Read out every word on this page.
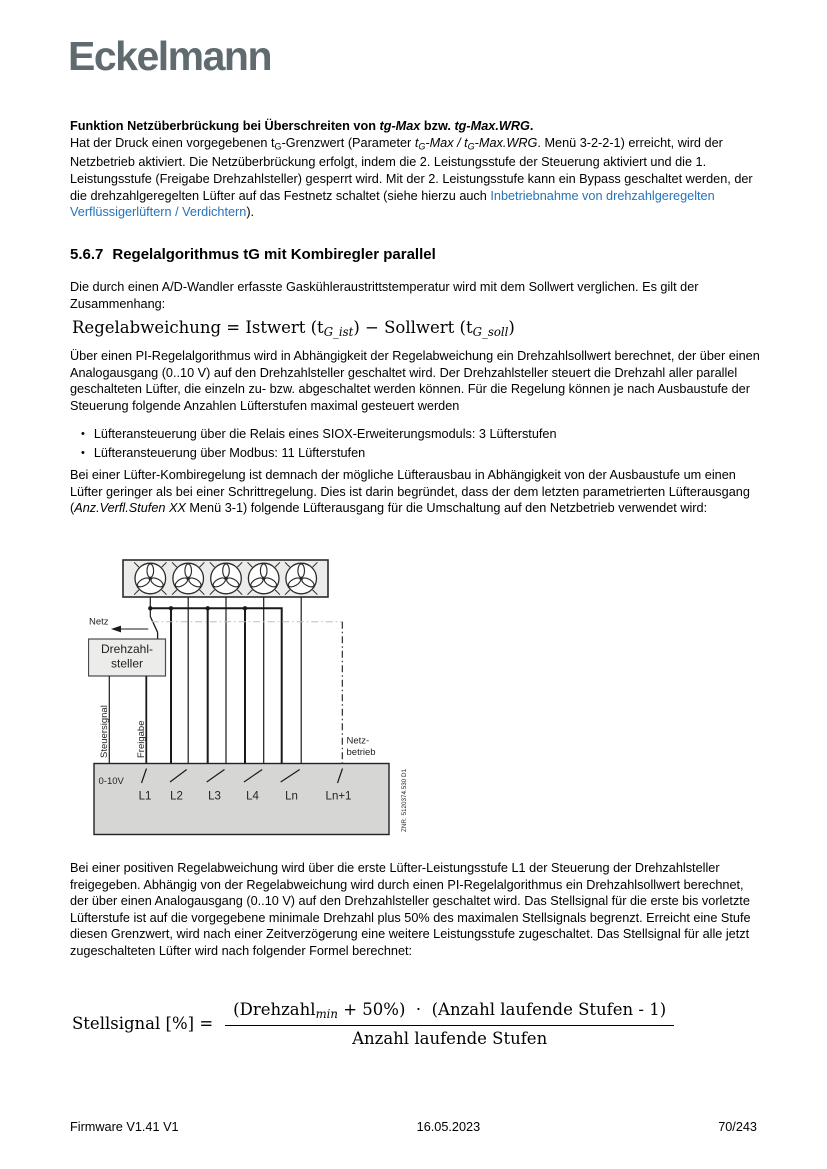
Eckelmann
Funktion Netzüberbrückung bei Überschreiten von tg-Max bzw. tg-Max.WRG.
Hat der Druck einen vorgegebenen tG-Grenzwert (Parameter tG-Max / tG-Max.WRG. Menü 3-2-2-1) erreicht, wird der Netzbetrieb aktiviert. Die Netzüberbrückung erfolgt, indem die 2. Leistungsstufe der Steuerung aktiviert und die 1. Leistungsstufe (Freigabe Drehzahlsteller) gesperrt wird. Mit der 2. Leistungsstufe kann ein Bypass geschaltet werden, der die drehzahlgeregelten Lüfter auf das Festnetz schaltet (siehe hierzu auch Inbetriebnahme von drehzahlgeregelten Verflüssigerlüftern / Verdichtern).
5.6.7 Regelalgorithmus tG mit Kombiregler parallel
Die durch einen A/D-Wandler erfasste Gaskühleraustrittstemperatur wird mit dem Sollwert verglichen. Es gilt der Zusammenhang:
Regelabweichung = Istwert (tG_ist) − Sollwert (tG_soll)
Über einen PI-Regelalgorithmus wird in Abhängigkeit der Regelabweichung ein Drehzahlsollwert berechnet, der über einen Analogausgang (0..10 V) auf den Drehzahlsteller geschaltet wird. Der Drehzahlsteller steuert die Drehzahl aller parallel geschalteten Lüfter, die einzeln zu- bzw. abgeschaltet werden können. Für die Regelung können je nach Ausbaustufe der Steuerung folgende Anzahlen Lüfterstufen maximal gesteuert werden
• Lüfteransteuerung über die Relais eines SIOX-Erweiterungsmoduls: 3 Lüfterstufen
• Lüfteransteuerung über Modbus: 11 Lüfterstufen
Bei einer Lüfter-Kombiregelung ist demnach der mögliche Lüfterausbau in Abhängigkeit von der Ausbaustufe um einen Lüfter geringer als bei einer Schrittregelung. Dies ist darin begründet, dass der dem letzten parametrierten Lüfterausgang (Anz.Verfl.Stufen XX Menü 3-1) folgende Lüfterausgang für die Umschaltung auf den Netzbetrieb verwendet wird:
Netz
Drehzahl-
steller
Steuersignal	Freigabe	Netz-
betrieb
0-10V
L1 L2 L3 L4 Ln Ln+1	ZNR. 5120374.530 D1
Bei einer positiven Regelabweichung wird über die erste Lüfter-Leistungsstufe L1 der Steuerung der Drehzahlsteller freigegeben. Abhängig von der Regelabweichung wird durch einen PI-Regelalgorithmus ein Drehzahlsollwert berechnet, der über einen Analogausgang (0..10 V) auf den Drehzahlsteller geschaltet wird. Das Stellsignal für die erste bis vorletzte Lüfterstufe ist auf die vorgegebene minimale Drehzahl plus 50% des maximalen Stellsignals begrenzt. Erreicht eine Stufe diesen Grenzwert, wird nach einer Zeitverzögerung eine weitere Leistungsstufe zugeschaltet. Das Stellsignal für alle jetzt zugeschalteten Lüfter wird nach folgender Formel berechnet:
Stellsignal [%] = $\frac{\text{(Drehzahlmin + 50\%)  ·  (Anzahl laufende Stufen - 1)}}{\text{Anzahl laufende Stufen}}$
Firmware V1.41 V1	16.05.2023	70/243
